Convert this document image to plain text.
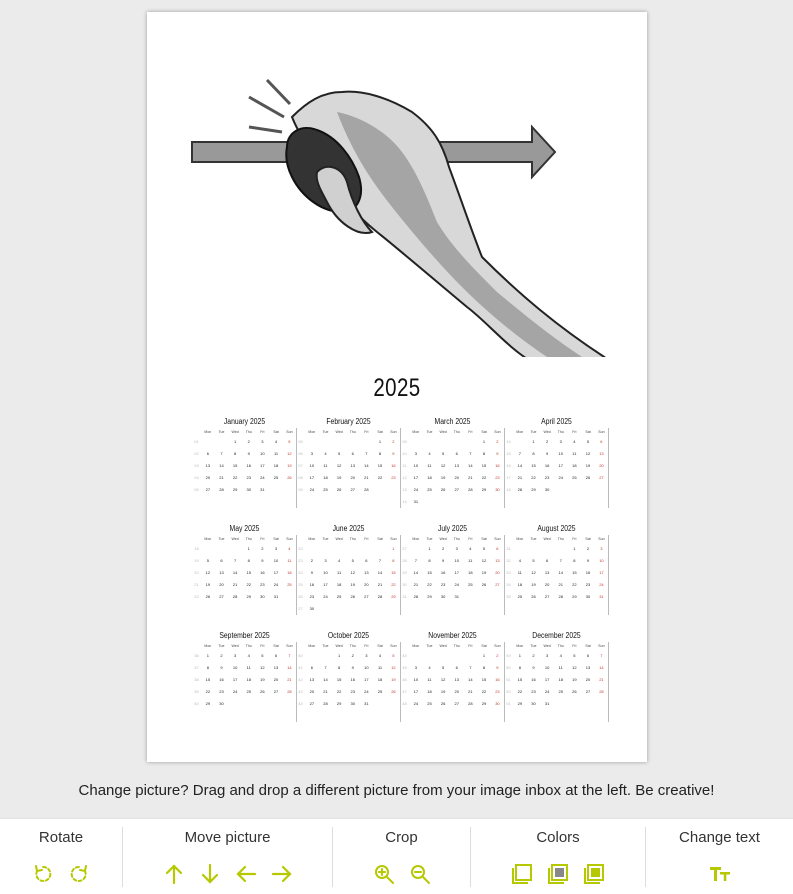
2025
January 2025
	Mon	Tue	Wed	Thu	Fri	Sat	Sun
01			1	2	3	4	5
02	6	7	8	9	10	11	12
03	13	14	15	16	17	18	19
04	20	21	22	23	24	25	26
05	27	28	29	30	31		

February 2025
	Mon	Tue	Wed	Thu	Fri	Sat	Sun
05						1	2
06	3	4	5	6	7	8	9
07	10	11	12	13	14	15	16
08	17	18	19	20	21	22	23
09	24	25	26	27	28		

March 2025
	Mon	Tue	Wed	Thu	Fri	Sat	Sun
09						1	2
10	3	4	5	6	7	8	9
11	10	11	12	13	14	15	16
12	17	18	19	20	21	22	23
13	24	25	26	27	28	29	30
14	31						
April 2025
	Mon	Tue	Wed	Thu	Fri	Sat	Sun
14		1	2	3	4	5	6
15	7	8	9	10	11	12	13
16	14	15	16	17	18	19	20
17	21	22	23	24	25	26	27
18	28	29	30				

May 2025
	Mon	Tue	Wed	Thu	Fri	Sat	Sun
18				1	2	3	4
19	5	6	7	8	9	10	11
20	12	13	14	15	16	17	18
21	19	20	21	22	23	24	25
22	26	27	28	29	30	31	

June 2025
	Mon	Tue	Wed	Thu	Fri	Sat	Sun
22							1
23	2	3	4	5	6	7	8
24	9	10	11	12	13	14	15
25	16	17	18	19	20	21	22
26	23	24	25	26	27	28	29
27	30						
July 2025
	Mon	Tue	Wed	Thu	Fri	Sat	Sun
27		1	2	3	4	5	6
28	7	8	9	10	11	12	13
29	14	15	16	17	18	19	20
30	21	22	23	24	25	26	27
31	28	29	30	31			

August 2025
	Mon	Tue	Wed	Thu	Fri	Sat	Sun
31					1	2	3
32	4	5	6	7	8	9	10
33	11	12	13	14	15	16	17
34	18	19	20	21	22	23	24
35	25	26	27	28	29	30	31

September 2025
	Mon	Tue	Wed	Thu	Fri	Sat	Sun
36	1	2	3	4	5	6	7
37	8	9	10	11	12	13	14
38	15	16	17	18	19	20	21
39	22	23	24	25	26	27	28
40	29	30					

October 2025
	Mon	Tue	Wed	Thu	Fri	Sat	Sun
40			1	2	3	4	5
41	6	7	8	9	10	11	12
42	13	14	15	16	17	18	19
43	20	21	22	23	24	25	26
44	27	28	29	30	31		

November 2025
	Mon	Tue	Wed	Thu	Fri	Sat	Sun
44						1	2
45	3	4	5	6	7	8	9
46	10	11	12	13	14	15	16
47	17	18	19	20	21	22	23
48	24	25	26	27	28	29	30

December 2025
	Mon	Tue	Wed	Thu	Fri	Sat	Sun
49	1	2	3	4	5	6	7
50	8	9	10	11	12	13	14
51	15	16	17	18	19	20	21
52	22	23	24	25	26	27	28
01	29	30	31				

Change picture? Drag and drop a different picture from your image inbox at the left. Be creative!
Rotate	Move picture	Crop	Colors	Change text
